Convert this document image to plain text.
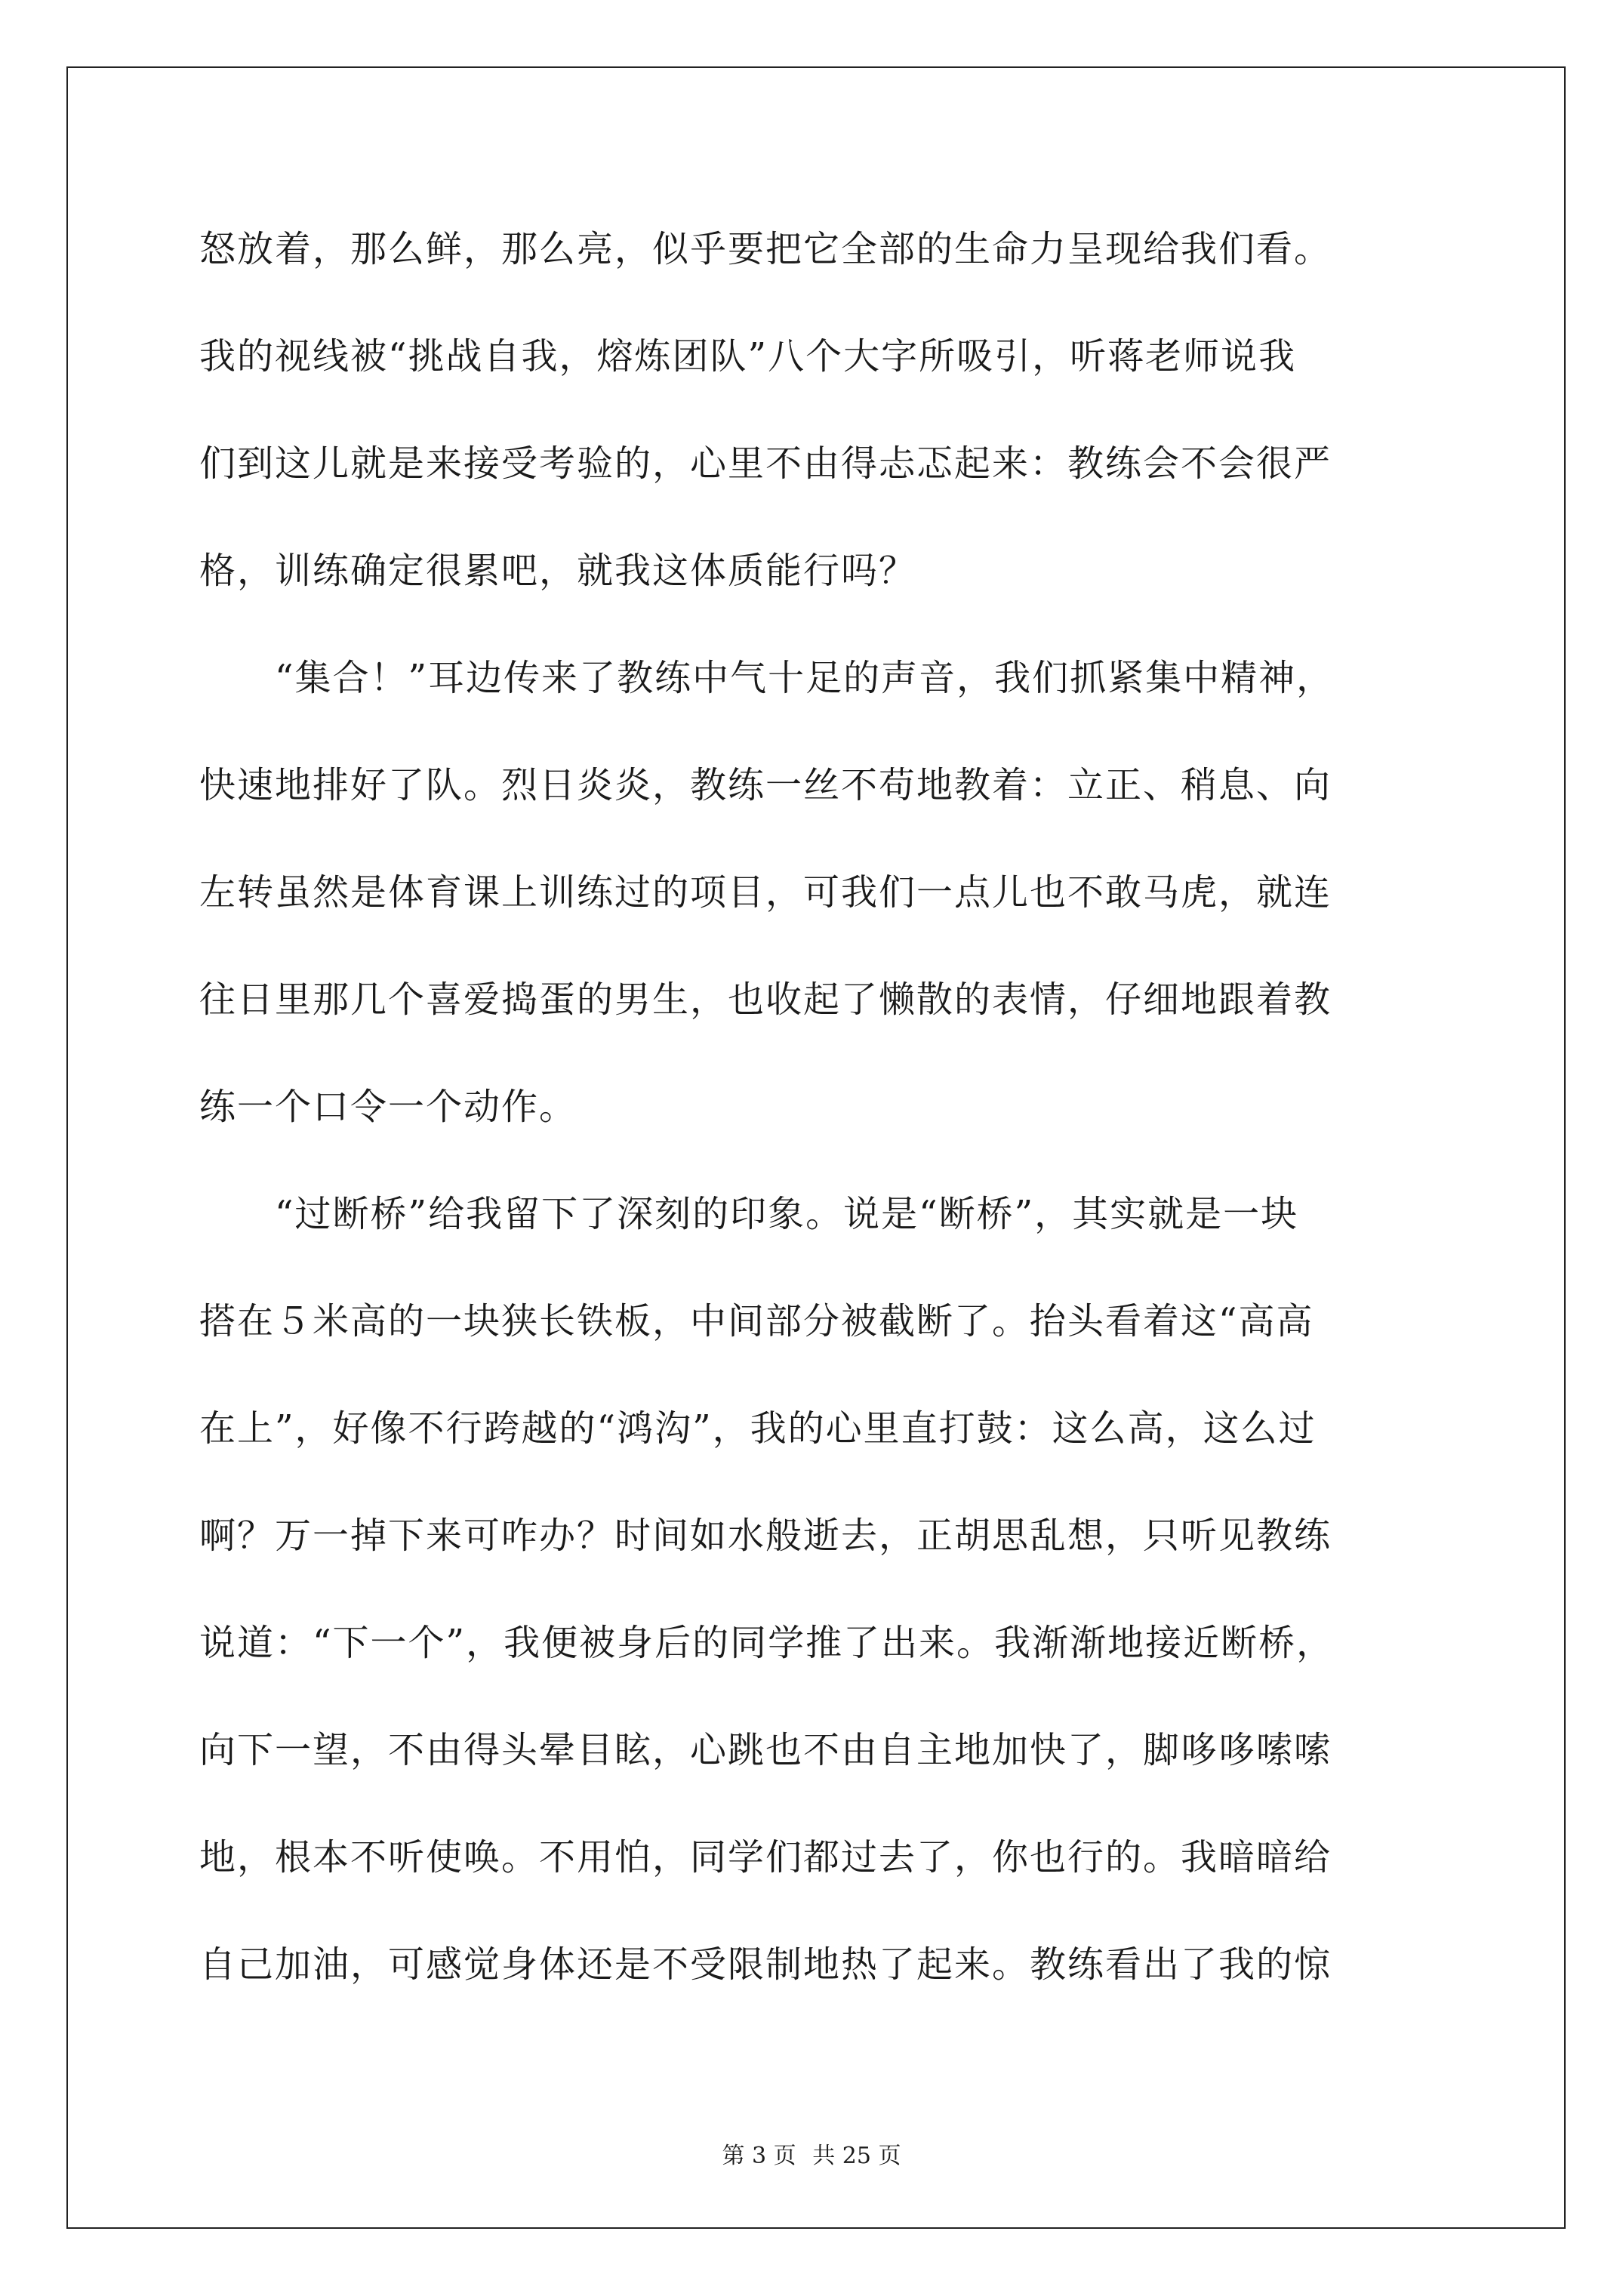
怒放着，那么鲜，那么亮，似乎要把它全部的生命力呈现给我们看。
我的视线被“挑战自我，熔炼团队”八个大字所吸引，听蒋老师说我
们到这儿就是来接受考验的，心里不由得忐忑起来：教练会不会很严
格，训练确定很累吧，就我这体质能行吗？
　　“集合！”耳边传来了教练中气十足的声音，我们抓紧集中精神，
快速地排好了队。烈日炎炎，教练一丝不苟地教着：立正、稍息、向
左转虽然是体育课上训练过的项目，可我们一点儿也不敢马虎，就连
往日里那几个喜爱捣蛋的男生，也收起了懒散的表情，仔细地跟着教
练一个口令一个动作。
　　“过断桥”给我留下了深刻的印象。说是“断桥”，其实就是一块
搭在５米高的一块狭长铁板，中间部分被截断了。抬头看着这“高高
在上”，好像不行跨越的“鸿沟”，我的心里直打鼓：这么高，这么过
啊？万一掉下来可咋办？时间如水般逝去，正胡思乱想，只听见教练
说道：“下一个”，我便被身后的同学推了出来。我渐渐地接近断桥，
向下一望，不由得头晕目眩，心跳也不由自主地加快了，脚哆哆嗦嗦
地，根本不听使唤。不用怕，同学们都过去了，你也行的。我暗暗给
自己加油，可感觉身体还是不受限制地热了起来。教练看出了我的惊
第 3 页 共 25 页
